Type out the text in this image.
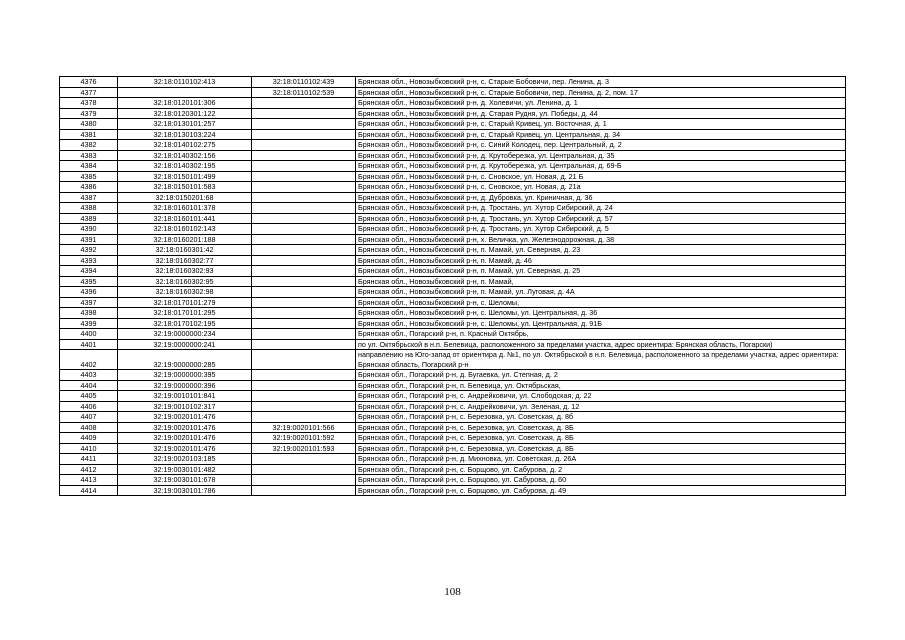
4376	32:18:0110102:413	32:18:0110102:439	Брянская обл., Новозыбковский р-н, с. Старые Бобовичи, пер. Ленина, д. 3
4377		32:18:0110102:539	Брянская обл., Новозыбковский р-н, с. Старые Бобовичи, пер. Ленина, д. 2, пом. 17
4378	32:18:0120101:306		Брянская обл., Новозыбковский р-н, д. Холевичи, ул. Ленина, д. 1
4379	32:18:0120301:122		Брянская обл., Новозыбковский р-н, д. Старая Рудня, ул. Победы, д. 44
4380	32:18:0130101:257		Брянская обл., Новозыбковский р-н, с. Старый Кривец, ул. Восточная, д. 1
4381	32:18:0130103:224		Брянская обл., Новозыбковский р-н, с. Старый Кривец, ул. Центральная, д. 34
4382	32:18:0140102:275		Брянская обл., Новозыбковский р-н, с. Синий Колодец, пер. Центральный, д. 2
4383	32:18:0140302:156		Брянская обл., Новозыбковский р-н, д. Крутоберезка, ул. Центральная, д. 35
4384	32:18:0140302:195		Брянская обл., Новозыбковский р-н, д. Крутоберезка, ул. Центральная, д. 69-Б
4385	32:18:0150101:499		Брянская обл., Новозыбковский р-н, с. Сновское, ул. Новая, д. 21 Б
4386	32:18:0150101:583		Брянская обл., Новозыбковский р-н, с. Сновское, ул. Новая, д. 21а
4387	32:18:0150201:68		Брянская обл., Новозыбковский р-н, д. Дубровка, ул. Криничная, д. 36
4388	32:18:0160101:378		Брянская обл., Новозыбковский р-н, д. Тростань, ул. Хутор Сибирский, д. 24
4389	32:18:0160101:441		Брянская обл., Новозыбковский р-н, д. Тростань, ул. Хутор Сибирский, д. 57
4390	32:18:0160102:143		Брянская обл., Новозыбковский р-н, д. Тростань, ул. Хутор Сибирский, д. 5
4391	32:18:0160201:188		Брянская обл., Новозыбковский р-н, х. Величка, ул. Железнодорожная, д. 38
4392	32:18:0160301:42		Брянская обл., Новозыбковский р-н, п. Мамай, ул. Северная, д. 23
4393	32:18:0160302:77		Брянская обл., Новозыбковский р-н, п. Мамай, д. 46
4394	32:18:0160302:93		Брянская обл., Новозыбковский р-н, п. Мамай, ул. Северная, д. 25
4395	32:18:0160302:95		Брянская обл., Новозыбковский р-н, п. Мамай,
4396	32:18:0160302:98		Брянская обл., Новозыбковский р-н, п. Мамай, ул. Луговая, д. 4А
4397	32:18:0170101:279		Брянская обл., Новозыбковский р-н, с. Шеломы,
4398	32:18:0170101:295		Брянская обл., Новозыбковский р-н, с. Шеломы, ул. Центральная, д. 36
4399	32:18:0170102:195		Брянская обл., Новозыбковский р-н, с. Шеломы, ул. Центральная, д. 91Б
4400	32:19:0000000:234		Брянская обл., Погарский р-н, п. Красный Октябрь,
4401	32:19:0000000:241		по ул. Октябрьской в н.п. Белевица, расположенного за пределами участка, адрес ориентира: Брянская область, Погарски)
4402	32:19:0000000:285		направлению на Юго-запад от ориентира д. №1, по ул. Октябрьской в н.п. Белевица, расположенного за пределами участка, адрес ориентира: Брянская область, Погарский р-н
4403	32:19:0000000:395		Брянская обл., Погарский р-н, д. Бугаевка, ул. Степная, д. 2
4404	32:19:0000000:396		Брянская обл., Погарский р-н, п. Белевица, ул. Октябрьская,
4405	32:19:0010101:841		Брянская обл., Погарский р-н, с. Андрейковичи, ул. Слободская, д. 22
4406	32:19:0010102:317		Брянская обл., Погарский р-н, с. Андрейковичи, ул. Зеленая, д. 12
4407	32:19:0020101:476		Брянская обл., Погарский р-н, с. Березовка, ул. Советская, д. 8б
4408	32:19:0020101:476	32:19:0020101:566	Брянская обл., Погарский р-н, с. Березовка, ул. Советская, д. 8Б
4409	32:19:0020101:476	32:19:0020101:592	Брянская обл., Погарский р-н, с. Березовка, ул. Советская, д. 8Б
4410	32:19:0020101:476	32:19:0020101:593	Брянская обл., Погарский р-н, с. Березовка, ул. Советская, д. 8Б
4411	32:19:0020103:185		Брянская обл., Погарский р-н, д. Михновка, ул. Советская, д. 26А
4412	32:19:0030101:482		Брянская обл., Погарский р-н, с. Борщово, ул. Сабурова, д. 2
4413	32:19:0030101:678		Брянская обл., Погарский р-н, с. Борщово, ул. Сабурова, д. 60
4414	32:19:0030101:786		Брянская обл., Погарский р-н, с. Борщово, ул. Сабурова, д. 49
108
